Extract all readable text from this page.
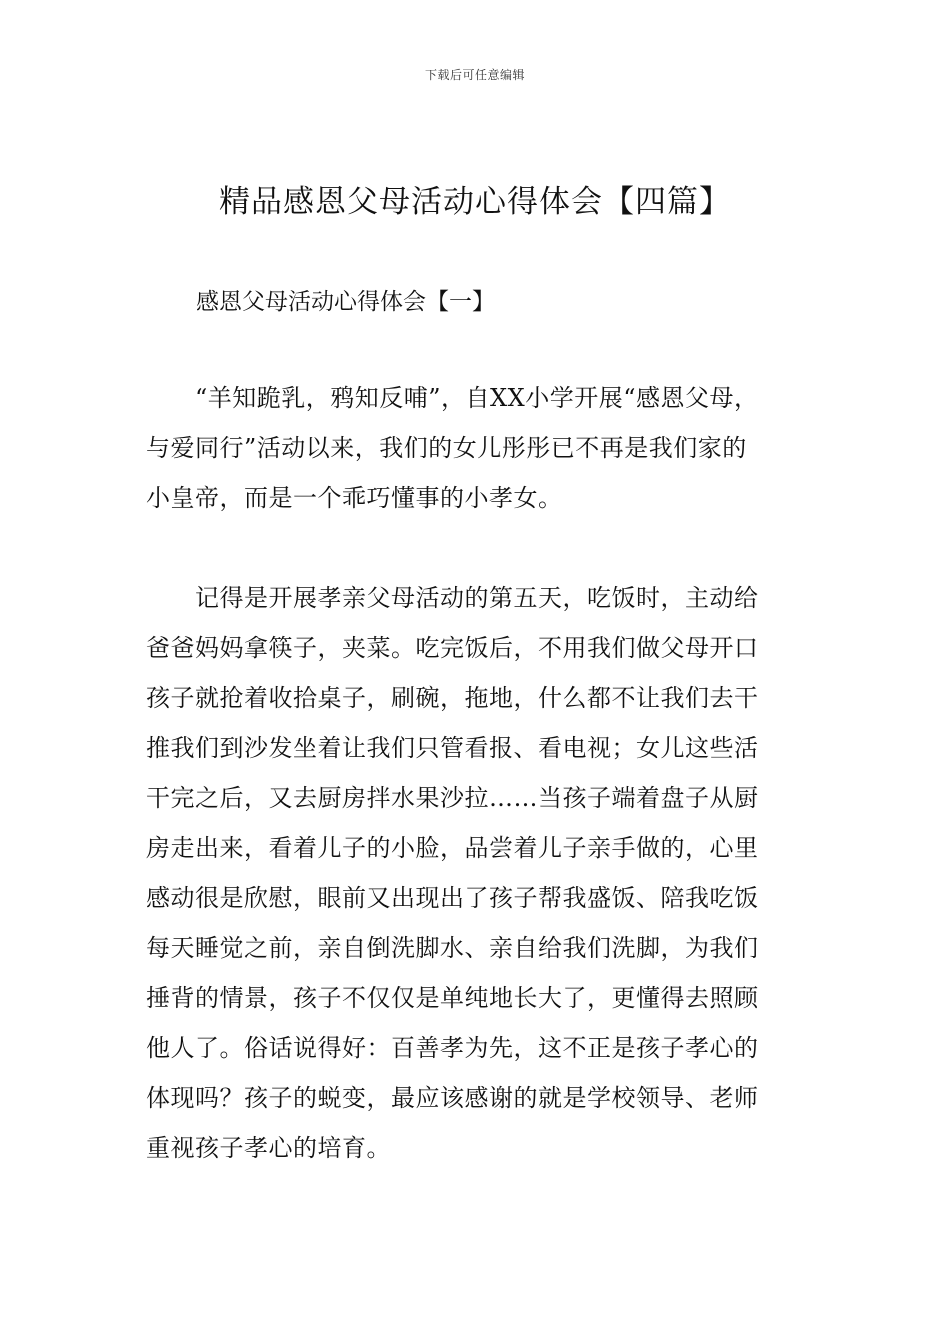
下载后可任意编辑
精品感恩父母活动心得体会【四篇】
感恩父母活动心得体会【一】
　　“羊知跪乳，鸦知反哺”，自XX小学开展“感恩父母，
与爱同行”活动以来，我们的女儿彤彤已不再是我们家的
小皇帝，而是一个乖巧懂事的小孝女。
　　记得是开展孝亲父母活动的第五天，吃饭时，主动给
爸爸妈妈拿筷子，夹菜。吃完饭后，不用我们做父母开口
孩子就抢着收拾桌子，刷碗，拖地，什么都不让我们去干
推我们到沙发坐着让我们只管看报、看电视；女儿这些活
干完之后，又去厨房拌水果沙拉……当孩子端着盘子从厨
房走出来，看着儿子的小脸，品尝着儿子亲手做的，心里
感动很是欣慰，眼前又出现出了孩子帮我盛饭、陪我吃饭
每天睡觉之前，亲自倒洗脚水、亲自给我们洗脚，为我们
捶背的情景，孩子不仅仅是单纯地长大了，更懂得去照顾
他人了。俗话说得好：百善孝为先，这不正是孩子孝心的
体现吗？孩子的蜕变，最应该感谢的就是学校领导、老师
重视孩子孝心的培育。
